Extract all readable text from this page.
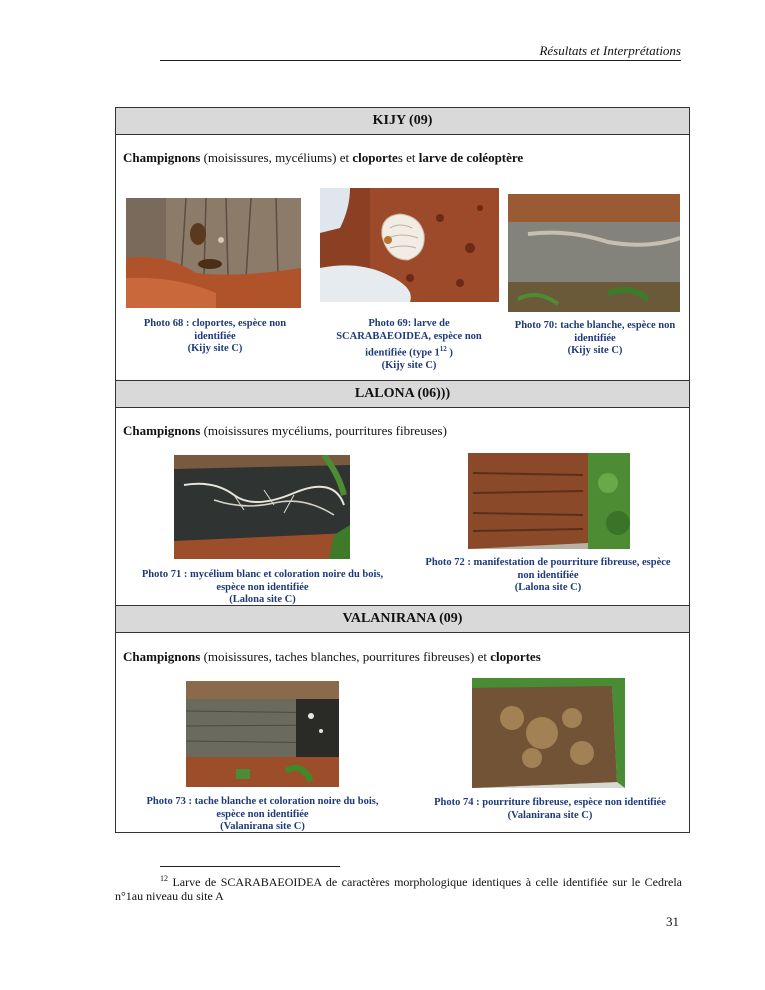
Résultats et Interprétations
KIJY (09)
Champignons (moisissures, mycéliums) et cloportes et larve de coléoptère
Photo 68 : cloportes, espèce non
identifiée
(Kijy site C)
Photo 69: larve de
SCARABAEOIDEA, espèce non
identifiée (type $1^{12}$ )
(Kijy site C)
Photo 70: tache blanche, espèce non
identifiée
(Kijy site C)
LALONA (06)))
Champignons (moisissures mycéliums, pourritures fibreuses)
Photo 71 : mycélium blanc et coloration noire du bois,
espèce non identifiée
(Lalona site C)
Photo 72 : manifestation de pourriture fibreuse, espèce
non identifiée
(Lalona site C)
VALANIRANA (09)
Champignons (moisissures, taches blanches, pourritures fibreuses) et cloportes
Photo 73 : tache blanche et coloration noire du bois,
espèce non identifiée
(Valanirana site C)
Photo 74 : pourriture fibreuse, espèce non identifiée
(Valanirana site C)
$^{12}$ Larve de SCARABAEOIDEA de caractères morphologique identiques à celle identifiée sur le Cedrela n°1au niveau du site A
31
